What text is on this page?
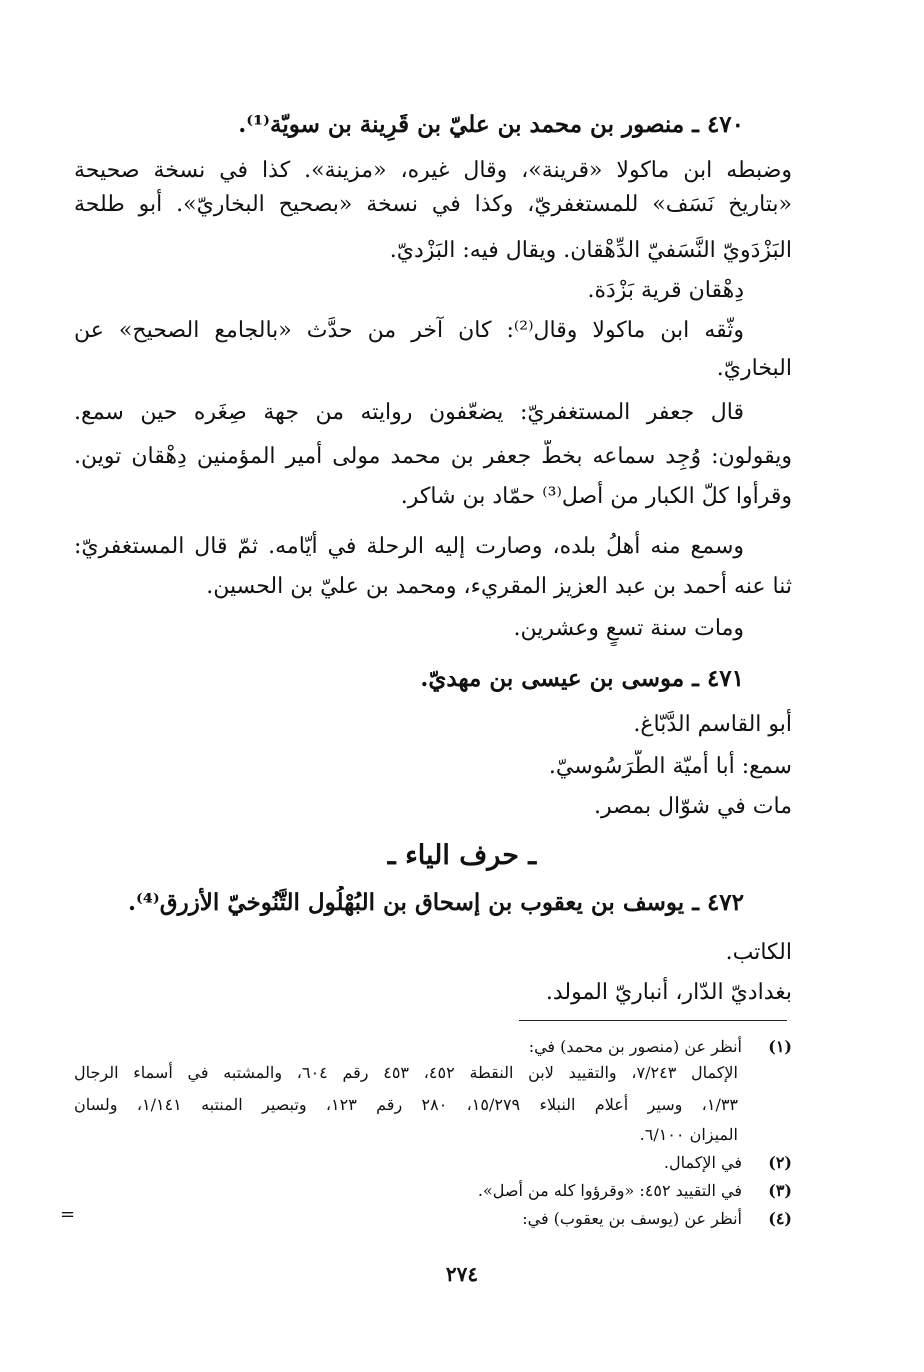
٤٧٠ ـ منصور بن محمد بن عليّ بن قَرِينة بن سويّة⁽¹⁾.
وضبطه ابن ماكولا «قرينة»، وقال غيره، «مزينة». كذا في نسخة صحيحة
«بتاريخ نَسَف» للمستغفريّ، وكذا في نسخة «بصحيح البخاريّ». أبو طلحة
البَزْدَويّ النَّسَفيّ الدِّهْقان. ويقال فيه: البَزْديّ.
دِهْقان قرية بَزْدَة.
وثّقه ابن ماكولا وقال⁽²⁾: كان آخر من حدَّث «بالجامع الصحيح» عن
البخاريّ.
قال جعفر المستغفريّ: يضعّفون روايته من جهة صِغَره حين سمع.
ويقولون: وُجِد سماعه بخطّ جعفر بن محمد مولى أمير المؤمنين دِهْقان توين.
وقرأوا كلّ الكبار من أصل⁽³⁾ حمّاد بن شاكر.
وسمع منه أهلُ بلده، وصارت إليه الرحلة في أيّامه. ثمّ قال المستغفريّ:
ثنا عنه أحمد بن عبد العزيز المقريء، ومحمد بن عليّ بن الحسين.
ومات سنة تسعٍ وعشرين.
٤٧١ ـ موسى بن عيسى بن مهديّ.
أبو القاسم الدَّبّاغ.
سمع: أبا أميّة الطَّرَسُوسيّ.
مات في شوّال بمصر.
ـ حرف الياء ـ
٤٧٢ ـ يوسف بن يعقوب بن إسحاق بن البُهْلُول التَّنُوخيّ الأزرق⁽⁴⁾.
الكاتب.
بغداديّ الدّار، أنباريّ المولد.
(١)أنظر عن (منصور بن محمد) في:
الإكمال ٧/٢٤٣، والتقييد لابن النقطة ٤٥٢، ٤٥٣ رقم ٦٠٤، والمشتبه في أسماء الرجال
١/٣٣، وسير أعلام النبلاء ١٥/٢٧٩، ٢٨٠ رقم ١٢٣، وتبصير المنتبه ١/١٤١، ولسان
الميزان ٦/١٠٠.
(٢)في الإكمال.
(٣)في التقييد ٤٥٢: «وقرؤوا كله من أصل».
(٤)أنظر عن (يوسف بن يعقوب) في:
=
٢٧٤
